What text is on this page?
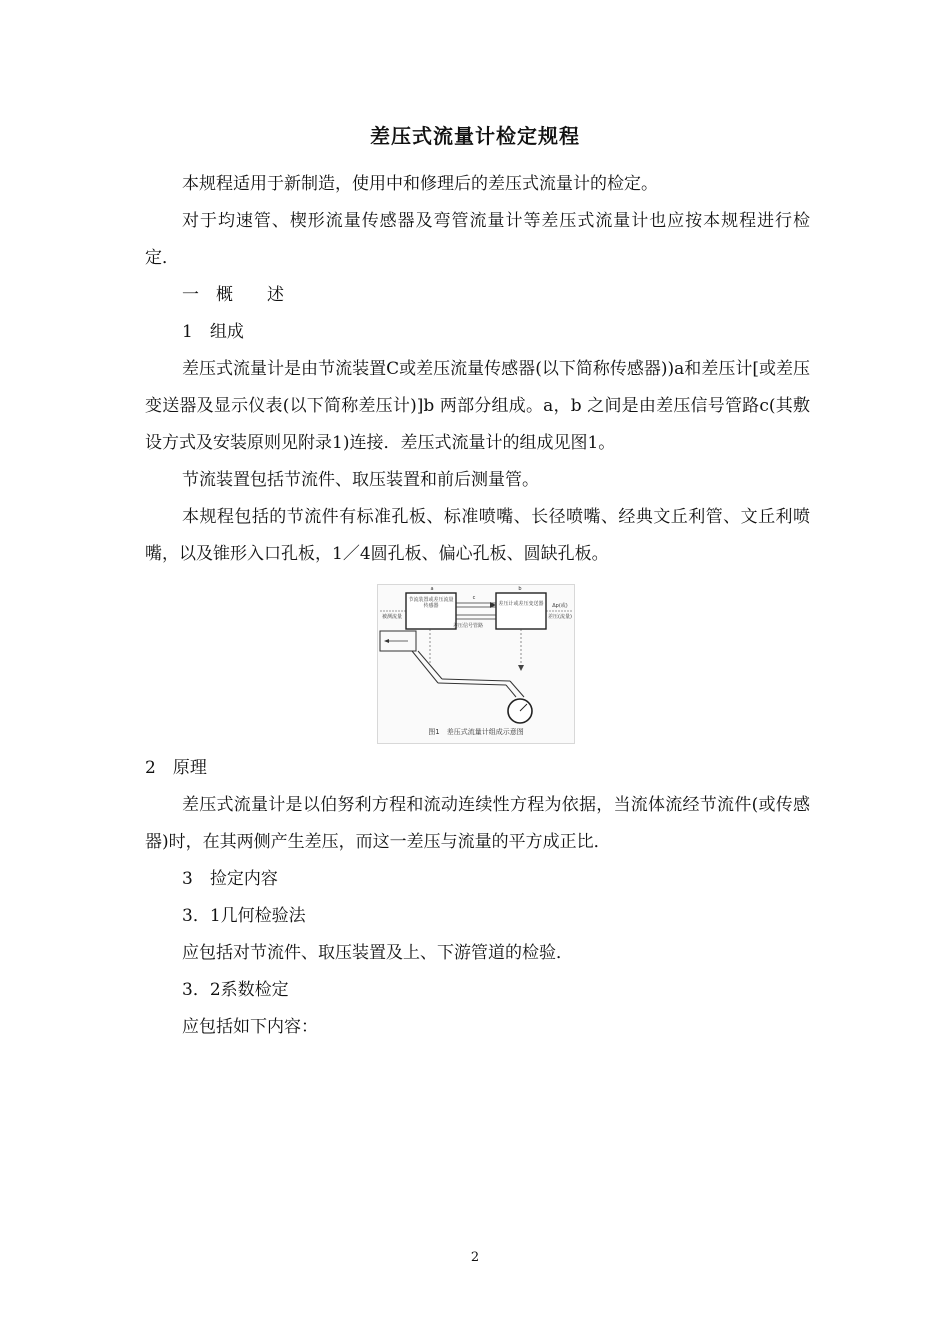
差压式流量计检定规程

本规程适用于新制造，使用中和修理后的差压式流量计的检定。

对于均速管、楔形流量传感器及弯管流量计等差压式流量计也应按本规程进行检定．

一　概　　述

1　组成

差压式流量计是由节流装置C或差压流量传感器(以下简称传感器))a和差压计[或差压变送器及显示仪表(以下简称差压计)]b 两部分组成。a，b 之间是由差压信号管路c(其敷设方式及安装原则见附录1)连接．差压式流量计的组成见图1。

节流装置包括节流件、取压装置和前后测量管。

本规程包括的节流件有标准孔板、标准喷嘴、长径喷嘴、经典文丘利管、文丘利喷嘴，以及锥形入口孔板，1／4圆孔板、偏心孔板、圆缺孔板。

节流装置或差压流量传感器	差压计或差压变送器
被测流量
Δp(或)
差压(流量)
差压信号管路
a	b
c
图1　差压式流量计组成示意图

2　原理

差压式流量计是以伯努利方程和流动连续性方程为依据，当流体流经节流件(或传感器)时，在其两侧产生差压，而这一差压与流量的平方成正比．

3　捡定内容

3．1几何检验法

应包括对节流件、取压装置及上、下游管道的检验．

3．2系数检定

应包括如下内容：

2
